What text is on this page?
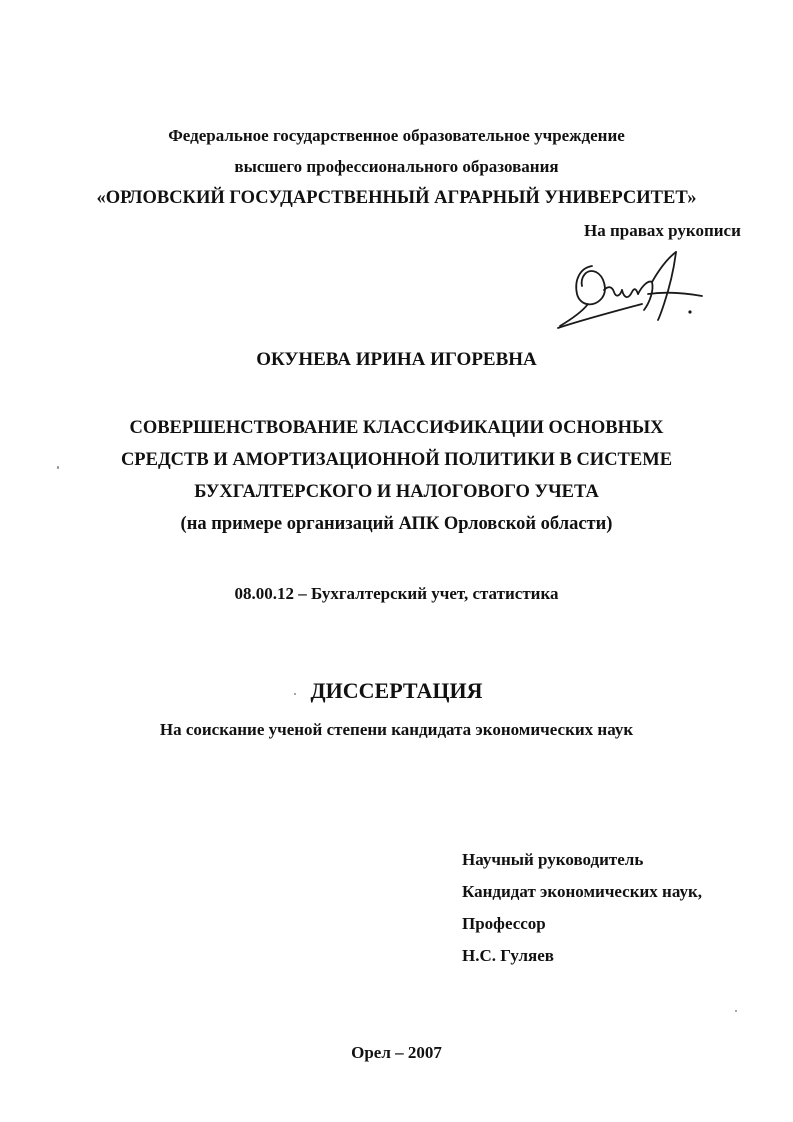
Федеральное государственное образовательное учреждение
высшего профессионального образования
«ОРЛОВСКИЙ ГОСУДАРСТВЕННЫЙ АГРАРНЫЙ УНИВЕРСИТЕТ»
На правах рукописи
ОКУНЕВА ИРИНА ИГОРЕВНА
СОВЕРШЕНСТВОВАНИЕ КЛАССИФИКАЦИИ ОСНОВНЫХ
СРЕДСТВ И АМОРТИЗАЦИОННОЙ ПОЛИТИКИ В СИСТЕМЕ
БУХГАЛТЕРСКОГО И НАЛОГОВОГО УЧЕТА
(на примере организаций АПК Орловской области)
08.00.12 – Бухгалтерский учет, статистика
ДИССЕРТАЦИЯ
На соискание ученой степени кандидата экономических наук
Научный руководитель
Кандидат экономических наук,
Профессор
Н.С. Гуляев
Орел – 2007
